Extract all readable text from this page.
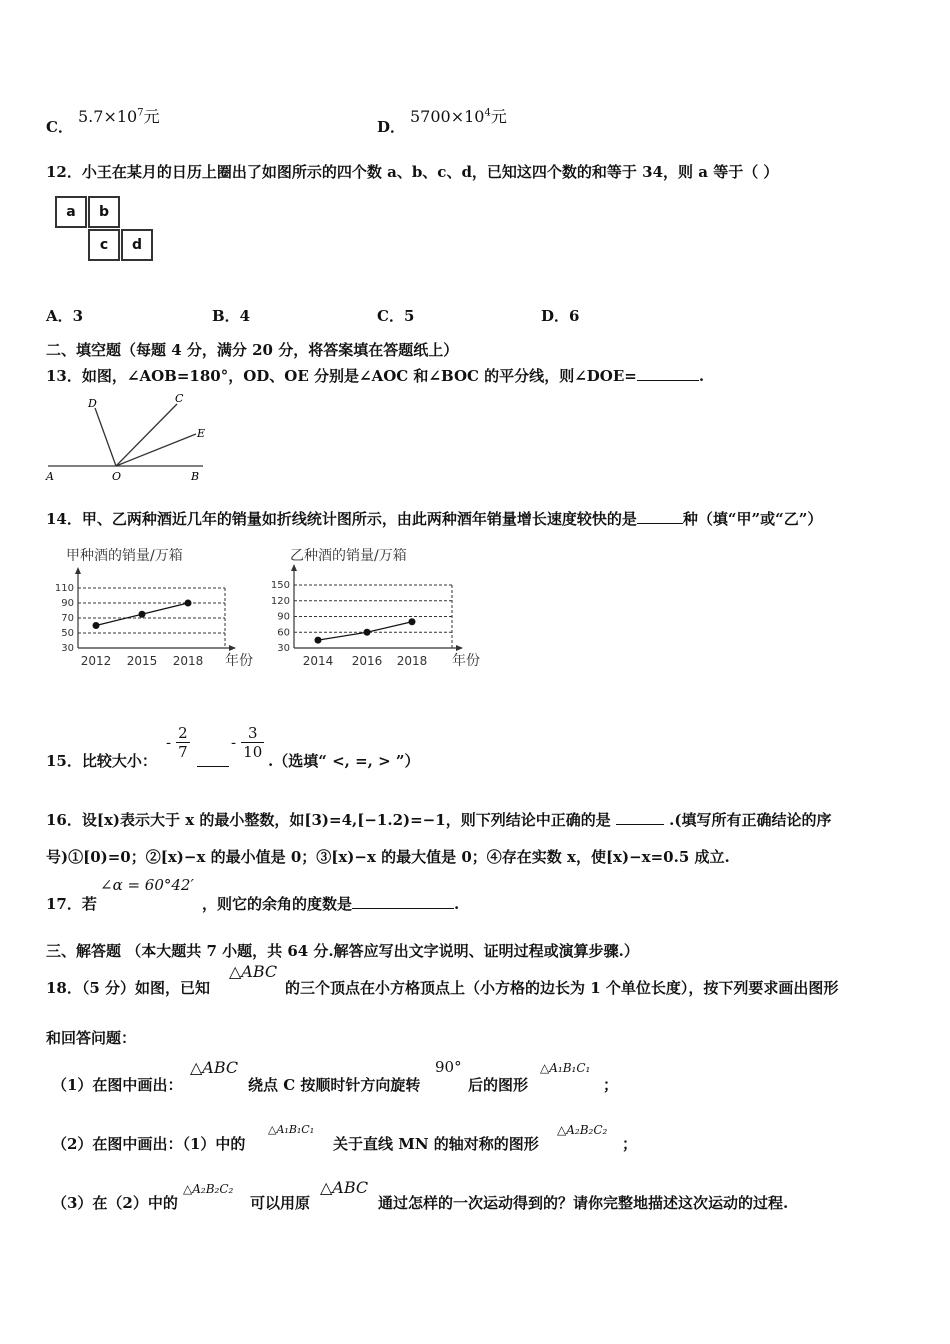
C．
$5.7\times 10^7$元
D．
$5700\times 10^4$元
12．小王在某月的日历上圈出了如图所示的四个数 a、b、c、d，已知这四个数的和等于 34，则 a 等于（ ）
a	b
c	d
A．3	B．4	C．5	D．6
二、填空题（每题 4 分，满分 20 分，将答案填在答题纸上）
13．如图，∠AOB=180°，OD、OE 分别是∠AOC 和∠BOC 的平分线，则∠DOE=	.
A	O	B
D	C
E
14．甲、乙两种酒近几年的销量如折线统计图所示，由此两种酒年销量增长速度较快的是	种（填“甲”或“乙”）
甲种酒的销量/万箱
30
50
70
90
110
2012 2015 2018 年份
乙种酒的销量/万箱
30
60
90
120
150
2014 2016 2018 年份
15．比较大小：
- $\frac{2}{7}$	- $\frac{3}{10}$ .（选填“ <, =, > ”）
16．设[x)表示大于 x 的最小整数，如[3)=4,[−1.2)=−1，则下列结论中正确的是	.(填写所有正确结论的序
号)①[0)=0；②[x)−x 的最小值是 0；③[x)−x 的最大值是 0；④存在实数 x，使[x)−x=0.5 成立.
17．若
∠α = 60°42′
，则它的余角的度数是	.
三、解答题 （本大题共 7 小题，共 64 分.解答应写出文字说明、证明过程或演算步骤.）
18．（5 分）如图，已知
△ABC
的三个顶点在小方格顶点上（小方格的边长为 1 个单位长度），按下列要求画出图形
和回答问题：
（1）在图中画出：
△ABC
绕点 C 按顺时针方向旋转
90°
后的图形
△A₁B₁C₁
；
（2）在图中画出：（1）中的
△A₁B₁C₁
关于直线 MN 的轴对称的图形
△A₂B₂C₂
；
（3）在（2）中的
△A₂B₂C₂
可以用原
△ABC
通过怎样的一次运动得到的？请你完整地描述这次运动的过程.
